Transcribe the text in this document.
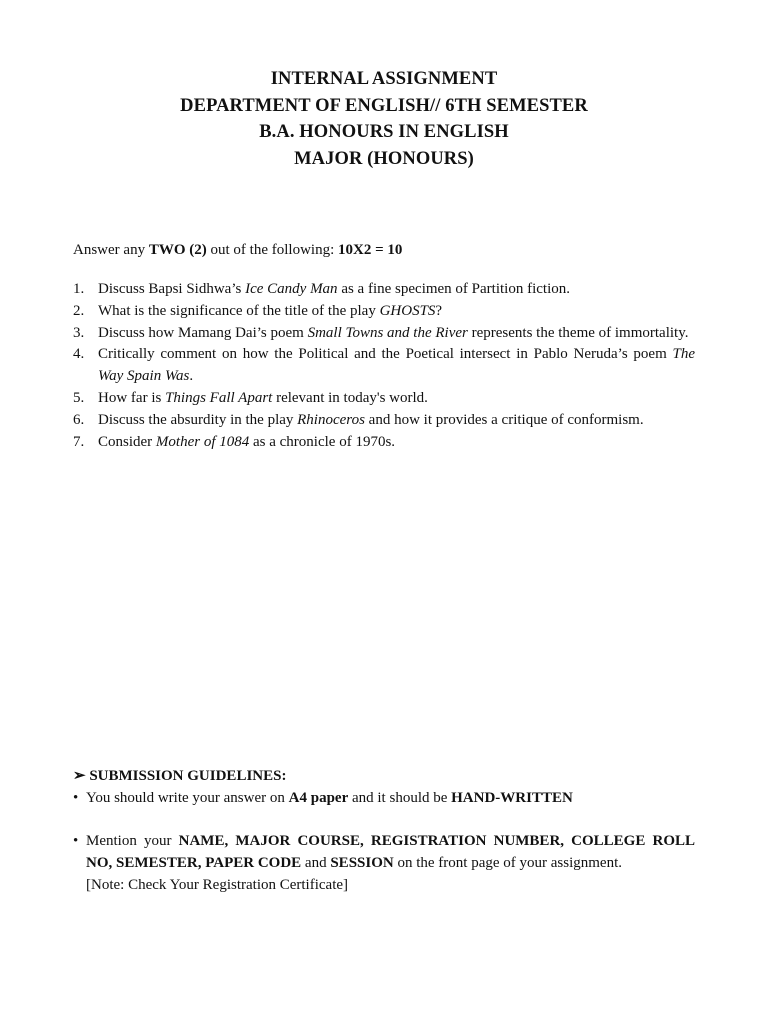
INTERNAL ASSIGNMENT
DEPARTMENT OF ENGLISH// 6TH SEMESTER
B.A. HONOURS IN ENGLISH
MAJOR (HONOURS)
Answer any TWO (2) out of the following: 10X2 = 10
1. Discuss Bapsi Sidhwa’s Ice Candy Man as a fine specimen of Partition fiction.
2. What is the significance of the title of the play GHOSTS?
3. Discuss how Mamang Dai’s poem Small Towns and the River represents the theme of immortality.
4. Critically comment on how the Political and the Poetical intersect in Pablo Neruda’s poem The Way Spain Was.
5. How far is Things Fall Apart relevant in today's world.
6. Discuss the absurdity in the play Rhinoceros and how it provides a critique of conformism.
7. Consider Mother of 1084 as a chronicle of 1970s.
➢ SUBMISSION GUIDELINES:
• You should write your answer on A4 paper and it should be HAND-WRITTEN
• Mention your NAME, MAJOR COURSE, REGISTRATION NUMBER, COLLEGE ROLL NO, SEMESTER, PAPER CODE and SESSION on the front page of your assignment.
[Note: Check Your Registration Certificate]
